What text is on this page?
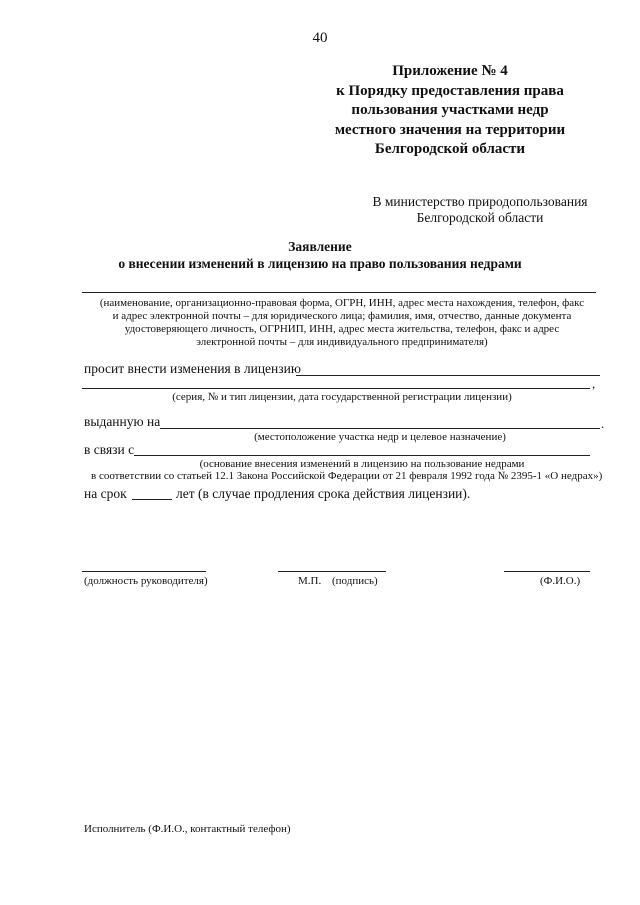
40
Приложение № 4
к Порядку предоставления права
пользования участками недр
местного значения на территории
Белгородской области
В министерство природопользования
Белгородской области
Заявление
о внесении изменений в лицензию на право пользования недрами
(наименование, организационно-правовая форма, ОГРН, ИНН, адрес места нахождения, телефон, факс
и адрес электронной почты – для юридического лица; фамилия, имя, отчество, данные документа
удостоверяющего личность, ОГРНИП, ИНН, адрес места жительства, телефон, факс и адрес
электронной почты – для индивидуального предпринимателя)
просит внести изменения в лицензию
,
(серия, № и тип лицензии, дата государственной регистрации лицензии)
выданную на	.
(местоположение участка недр и целевое назначение)
в связи с
(основание внесения изменений в лицензию на пользование недрами
в соответствии со статьей 12.1 Закона Российской Федерации от 21 февраля 1992 года № 2395-1 «О недрах»)
на срок	лет (в случае продления срока действия лицензии).
(должность руководителя)	М.П. (подпись)	(Ф.И.О.)
Исполнитель (Ф.И.О., контактный телефон)
